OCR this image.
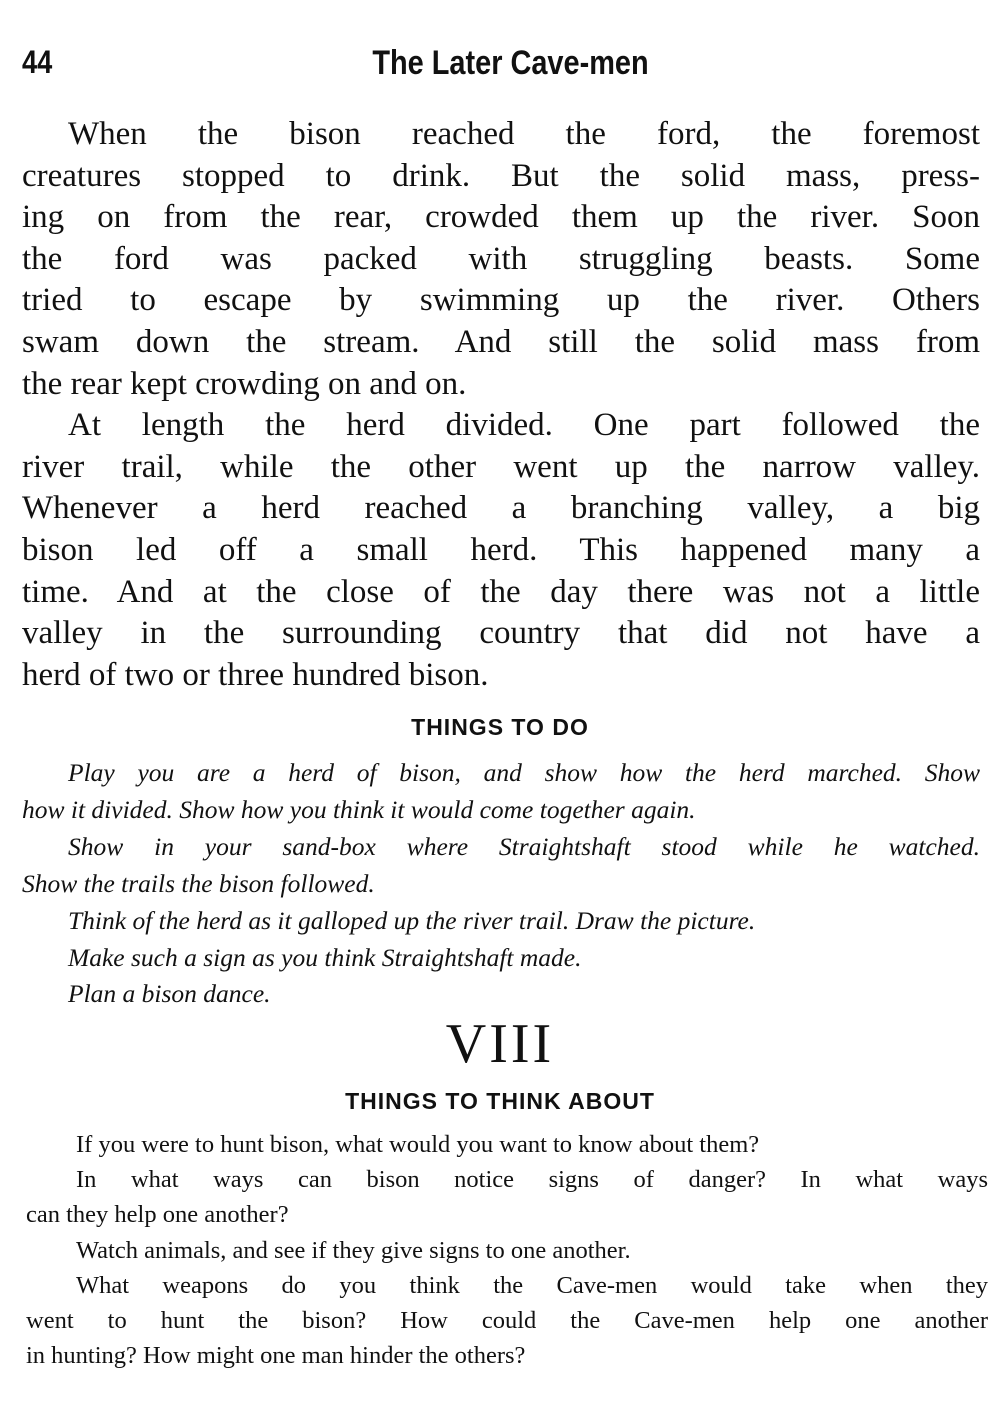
44	The Later Cave-men
When the bison reached the ford, the foremost
creatures stopped to drink. But the solid mass, press-
ing on from the rear, crowded them up the river. Soon
the ford was packed with struggling beasts. Some
tried to escape by swimming up the river. Others
swam down the stream. And still the solid mass from
the rear kept crowding on and on.
At length the herd divided. One part followed the
river trail, while the other went up the narrow valley.
Whenever a herd reached a branching valley, a big
bison led off a small herd. This happened many a
time. And at the close of the day there was not a little
valley in the surrounding country that did not have a
herd of two or three hundred bison.
THINGS TO DO
Play you are a herd of bison, and show how the herd marched. Show
how it divided. Show how you think it would come together again.
Show in your sand-box where Straightshaft stood while he watched.
Show the trails the bison followed.
Think of the herd as it galloped up the river trail. Draw the picture.
Make such a sign as you think Straightshaft made.
Plan a bison dance.
VIII
THINGS TO THINK ABOUT
If you were to hunt bison, what would you want to know about them?
In what ways can bison notice signs of danger? In what ways
can they help one another?
Watch animals, and see if they give signs to one another.
What weapons do you think the Cave-men would take when they
went to hunt the bison? How could the Cave-men help one another
in hunting? How might one man hinder the others?
